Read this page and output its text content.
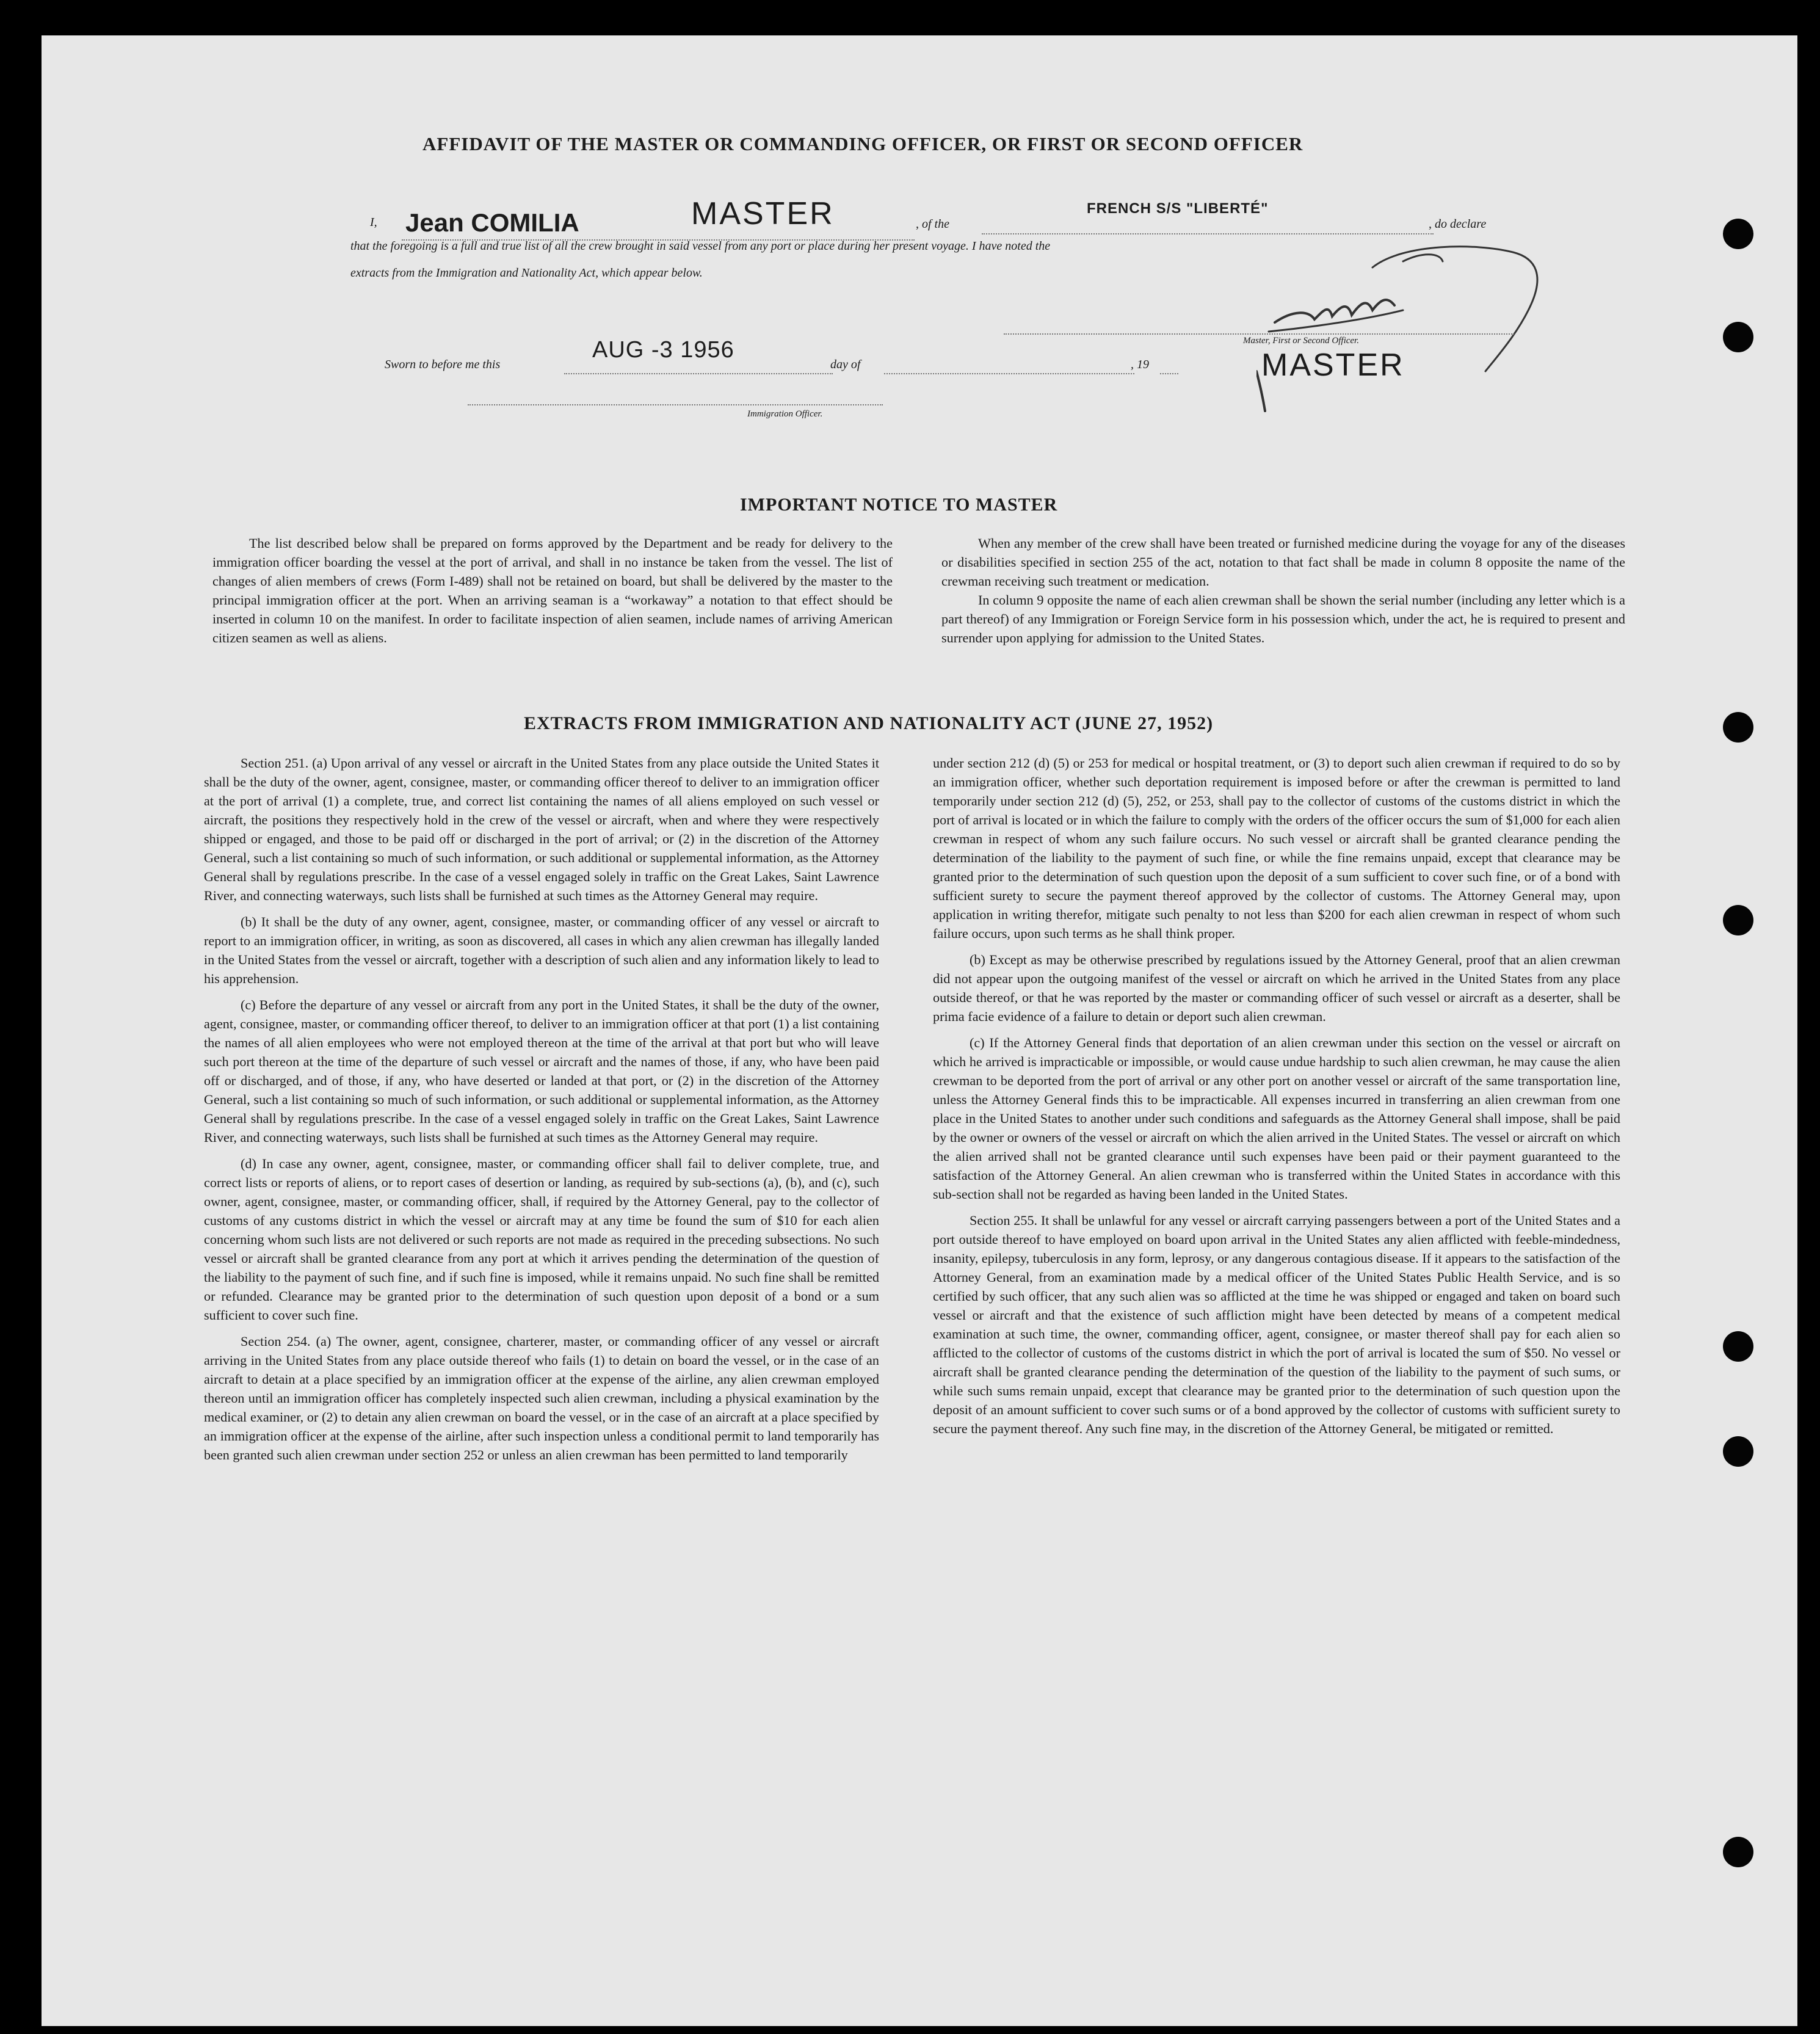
AFFIDAVIT OF THE MASTER OR COMMANDING OFFICER, OR FIRST OR SECOND OFFICER
I, Jean COMILIA	MASTER	, of the
FRENCH S/S "LIBERTÉ"
, do declare
that the foregoing is a full and true list of all the crew brought in said vessel from any port or place during her present voyage. I have noted the
extracts from the Immigration and Nationality Act, which appear below.
Master, First or Second Officer.
MASTER
Sworn to before me this
AUG -3 1956
day of	, 19
Immigration Officer.
IMPORTANT NOTICE TO MASTER

The list described below shall be prepared on forms approved by the Department and be ready for delivery to the immigration officer boarding the vessel at the port of arrival, and shall in no instance be taken from the vessel. The list of changes of alien members of crews (Form I-489) shall not be retained on board, but shall be delivered by the master to the principal immigration officer at the port. When an arriving seaman is a “workaway” a notation to that effect should be inserted in column 10 on the manifest. In order to facilitate inspection of alien seamen, include names of arriving American citizen seamen as well as aliens.

When any member of the crew shall have been treated or furnished medicine during the voyage for any of the diseases or disabilities specified in section 255 of the act, notation to that fact shall be made in column 8 opposite the name of the crewman receiving such treatment or medication.

In column 9 opposite the name of each alien crewman shall be shown the serial number (including any letter which is a part thereof) of any Immigration or Foreign Service form in his possession which, under the act, he is required to present and surrender upon applying for admission to the United States.

EXTRACTS FROM IMMIGRATION AND NATIONALITY ACT (JUNE 27, 1952)

Section 251. (a) Upon arrival of any vessel or aircraft in the United States from any place outside the United States it shall be the duty of the owner, agent, consignee, master, or commanding officer thereof to deliver to an immigration officer at the port of arrival (1) a complete, true, and correct list containing the names of all aliens employed on such vessel or aircraft, the positions they respectively hold in the crew of the vessel or aircraft, when and where they were respectively shipped or engaged, and those to be paid off or discharged in the port of arrival; or (2) in the discretion of the Attorney General, such a list containing so much of such information, or such additional or supplemental information, as the Attorney General shall by regulations prescribe. In the case of a vessel engaged solely in traffic on the Great Lakes, Saint Lawrence River, and connecting waterways, such lists shall be furnished at such times as the Attorney General may require.

(b) It shall be the duty of any owner, agent, consignee, master, or commanding officer of any vessel or aircraft to report to an immigration officer, in writing, as soon as discovered, all cases in which any alien crewman has illegally landed in the United States from the vessel or aircraft, together with a description of such alien and any information likely to lead to his apprehension.

(c) Before the departure of any vessel or aircraft from any port in the United States, it shall be the duty of the owner, agent, consignee, master, or commanding officer thereof, to deliver to an immigration officer at that port (1) a list containing the names of all alien employees who were not employed thereon at the time of the arrival at that port but who will leave such port thereon at the time of the departure of such vessel or aircraft and the names of those, if any, who have been paid off or discharged, and of those, if any, who have deserted or landed at that port, or (2) in the discretion of the Attorney General, such a list containing so much of such information, or such additional or supplemental information, as the Attorney General shall by regulations prescribe. In the case of a vessel engaged solely in traffic on the Great Lakes, Saint Lawrence River, and connecting waterways, such lists shall be furnished at such times as the Attorney General may require.

(d) In case any owner, agent, consignee, master, or commanding officer shall fail to deliver complete, true, and correct lists or reports of aliens, or to report cases of desertion or landing, as required by sub-sections (a), (b), and (c), such owner, agent, consignee, master, or commanding officer, shall, if required by the Attorney General, pay to the collector of customs of any customs district in which the vessel or aircraft may at any time be found the sum of $10 for each alien concerning whom such lists are not delivered or such reports are not made as required in the preceding subsections. No such vessel or aircraft shall be granted clearance from any port at which it arrives pending the determination of the question of the liability to the payment of such fine, and if such fine is imposed, while it remains unpaid. No such fine shall be remitted or refunded. Clearance may be granted prior to the determination of such question upon deposit of a bond or a sum sufficient to cover such fine.

Section 254. (a) The owner, agent, consignee, charterer, master, or commanding officer of any vessel or aircraft arriving in the United States from any place outside thereof who fails (1) to detain on board the vessel, or in the case of an aircraft to detain at a place specified by an immigration officer at the expense of the airline, any alien crewman employed thereon until an immigration officer has completely inspected such alien crewman, including a physical examination by the medical examiner, or (2) to detain any alien crewman on board the vessel, or in the case of an aircraft at a place specified by an immigration officer at the expense of the airline, after such inspection unless a conditional permit to land temporarily has been granted such alien crewman under section 252 or unless an alien crewman has been permitted to land temporarily

under section 212 (d) (5) or 253 for medical or hospital treatment, or (3) to deport such alien crewman if required to do so by an immigration officer, whether such deportation requirement is imposed before or after the crewman is permitted to land temporarily under section 212 (d) (5), 252, or 253, shall pay to the collector of customs of the customs district in which the port of arrival is located or in which the failure to comply with the orders of the officer occurs the sum of $1,000 for each alien crewman in respect of whom any such failure occurs. No such vessel or aircraft shall be granted clearance pending the determination of the liability to the payment of such fine, or while the fine remains unpaid, except that clearance may be granted prior to the determination of such question upon the deposit of a sum sufficient to cover such fine, or of a bond with sufficient surety to secure the payment thereof approved by the collector of customs. The Attorney General may, upon application in writing therefor, mitigate such penalty to not less than $200 for each alien crewman in respect of whom such failure occurs, upon such terms as he shall think proper.

(b) Except as may be otherwise prescribed by regulations issued by the Attorney General, proof that an alien crewman did not appear upon the outgoing manifest of the vessel or aircraft on which he arrived in the United States from any place outside thereof, or that he was reported by the master or commanding officer of such vessel or aircraft as a deserter, shall be prima facie evidence of a failure to detain or deport such alien crewman.

(c) If the Attorney General finds that deportation of an alien crewman under this section on the vessel or aircraft on which he arrived is impracticable or impossible, or would cause undue hardship to such alien crewman, he may cause the alien crewman to be deported from the port of arrival or any other port on another vessel or aircraft of the same transportation line, unless the Attorney General finds this to be impracticable. All expenses incurred in transferring an alien crewman from one place in the United States to another under such conditions and safeguards as the Attorney General shall impose, shall be paid by the owner or owners of the vessel or aircraft on which the alien arrived in the United States. The vessel or aircraft on which the alien arrived shall not be granted clearance until such expenses have been paid or their payment guaranteed to the satisfaction of the Attorney General. An alien crewman who is transferred within the United States in accordance with this sub-section shall not be regarded as having been landed in the United States.

Section 255. It shall be unlawful for any vessel or aircraft carrying passengers between a port of the United States and a port outside thereof to have employed on board upon arrival in the United States any alien afflicted with feeble-mindedness, insanity, epilepsy, tuberculosis in any form, leprosy, or any dangerous contagious disease. If it appears to the satisfaction of the Attorney General, from an examination made by a medical officer of the United States Public Health Service, and is so certified by such officer, that any such alien was so afflicted at the time he was shipped or engaged and taken on board such vessel or aircraft and that the existence of such affliction might have been detected by means of a competent medical examination at such time, the owner, commanding officer, agent, consignee, or master thereof shall pay for each alien so afflicted to the collector of customs of the customs district in which the port of arrival is located the sum of $50. No vessel or aircraft shall be granted clearance pending the determination of the question of the liability to the payment of such sums, or while such sums remain unpaid, except that clearance may be granted prior to the determination of such question upon the deposit of an amount sufficient to cover such sums or of a bond approved by the collector of customs with sufficient surety to secure the payment thereof. Any such fine may, in the discretion of the Attorney General, be mitigated or remitted.
